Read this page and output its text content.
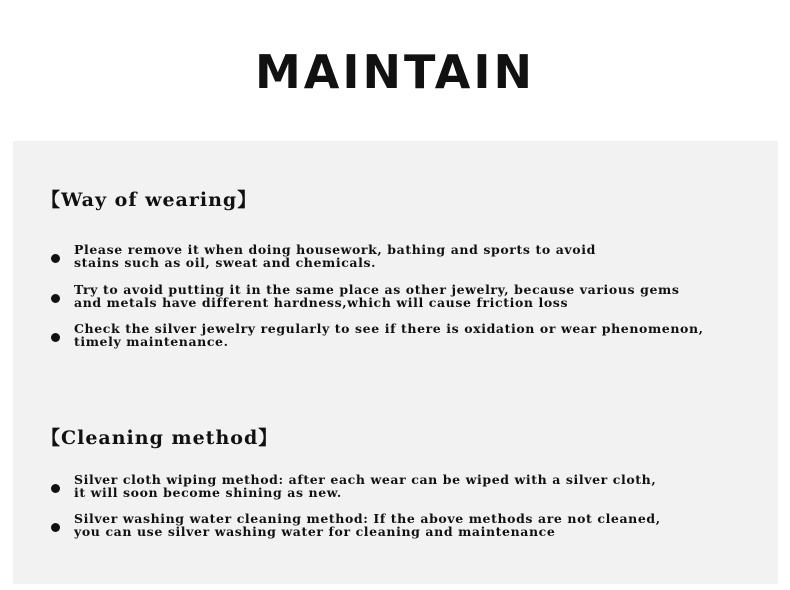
MAINTAIN
【Way of wearing】
Please remove it when doing housework, bathing and sports to avoid
stains such as oil, sweat and chemicals.
Try to avoid putting it in the same place as other jewelry, because various gems
and metals have different hardness,which will cause friction loss
Check the silver jewelry regularly to see if there is oxidation or wear phenomenon,
timely maintenance.
【Cleaning method】
Silver cloth wiping method: after each wear can be wiped with a silver cloth,
it will soon become shining as new.
Silver washing water cleaning method: If the above methods are not cleaned,
you can use silver washing water for cleaning and maintenance
